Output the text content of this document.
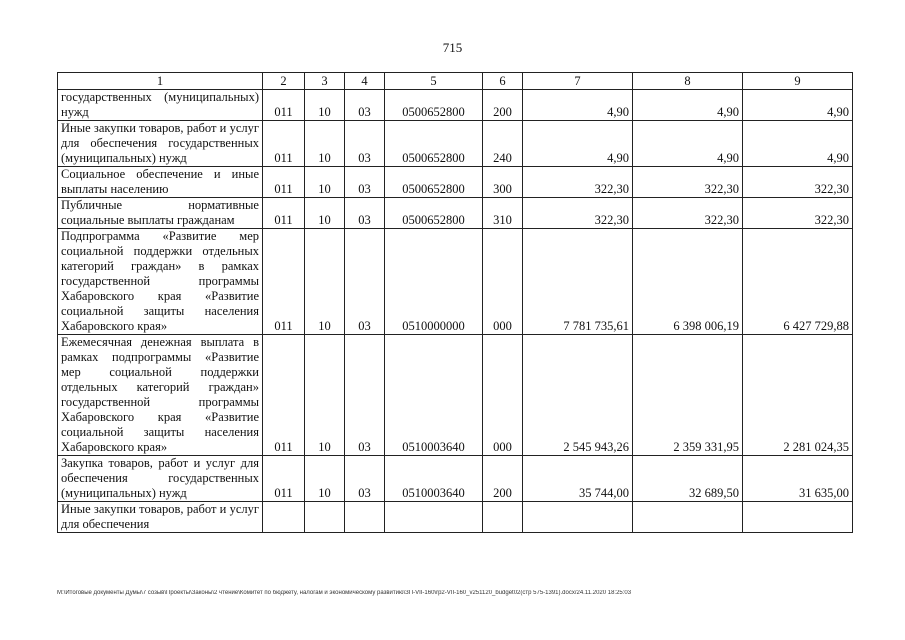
715
1	2	3	4	5	6	7	8	9
государственных (муниципальных) нужд	011	10	03	0500652800	200	4,90	4,90	4,90
Иные закупки товаров, работ и услуг для обеспечения государственных (муниципальных) нужд	011	10	03	0500652800	240	4,90	4,90	4,90
Социальное обеспечение и иные выплаты населению	011	10	03	0500652800	300	322,30	322,30	322,30
Публичные нормативные социальные выплаты гражданам	011	10	03	0500652800	310	322,30	322,30	322,30
Подпрограмма «Развитие мер социальной поддержки отдельных категорий граждан» в рамках государственной программы Хабаровского края «Развитие социальной защиты населения Хабаровского края»	011	10	03	0510000000	000	7 781 735,61	6 398 006,19	6 427 729,88
Ежемесячная денежная выплата в рамках подпрограммы «Развитие мер социальной поддержки отдельных категорий граждан» государственной программы Хабаровского края «Развитие социальной защиты населения Хабаровского края»	011	10	03	0510003640	000	2 545 943,26	2 359 331,95	2 281 024,35
Закупка товаров, работ и услуг для обеспечения государственных (муниципальных) нужд	011	10	03	0510003640	200	35 744,00	32 689,50	31 635,00
Иные закупки товаров, работ и услуг для обеспечения								
M:\Итоговые документы Думы\7 созыв\Проекты\Законы\2 чтение\Комитет по бюджету, налогам и экономическому развитию\ЗП-VII-160\rp2-VII-160_v251120_budget02(стр 575-1391).docx/24.11.2020 18:25:03
